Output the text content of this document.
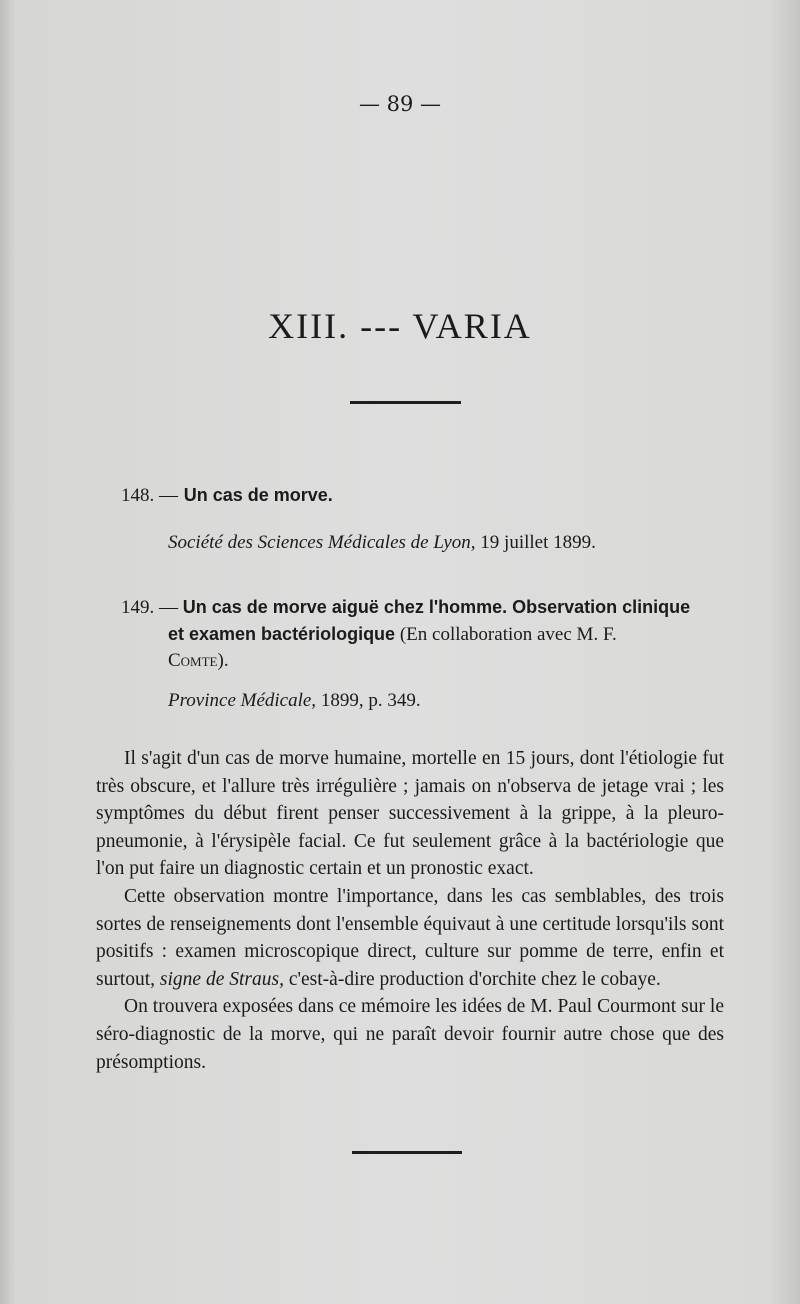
— 89 —
XIII. --- VARIA
148. — Un cas de morve.
Société des Sciences Médicales de Lyon, 19 juillet 1899.
149. — Un cas de morve aiguë chez l'homme. Observation clinique
et examen bactériologique (En collaboration avec M. F.
Comte).
Province Médicale, 1899, p. 349.

Il s'agit d'un cas de morve humaine, mortelle en 15 jours, dont l'étiologie fut très obscure, et l'allure très irrégulière ; jamais on n'observa de jetage vrai ; les symptômes du début firent penser successivement à la grippe, à la pleuro-pneumonie, à l'érysipèle facial. Ce fut seulement grâce à la bactériologie que l'on put faire un diagnostic certain et un pronostic exact.

Cette observation montre l'importance, dans les cas semblables, des trois sortes de renseignements dont l'ensemble équivaut à une certitude lorsqu'ils sont positifs : examen microscopique direct, culture sur pomme de terre, enfin et surtout, signe de Straus, c'est-à-dire production d'orchite chez le cobaye.

On trouvera exposées dans ce mémoire les idées de M. Paul Courmont sur le séro-diagnostic de la morve, qui ne paraît devoir fournir autre chose que des présomptions.
